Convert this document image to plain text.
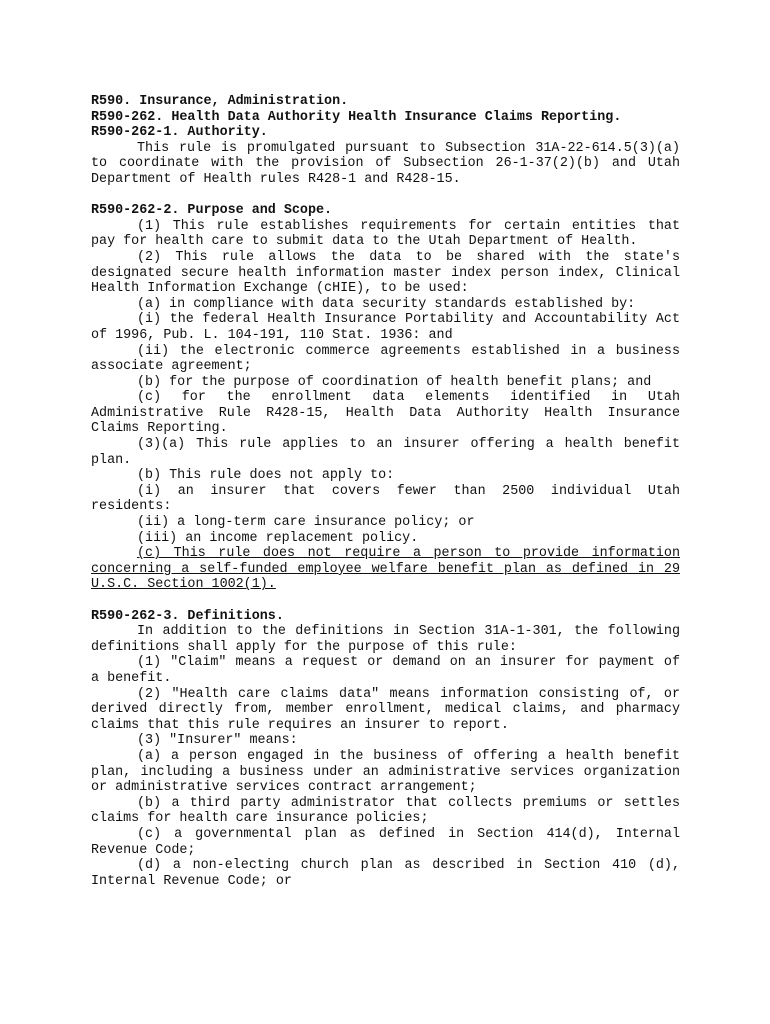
R590. Insurance, Administration.
R590-262. Health Data Authority Health Insurance Claims Reporting.
R590-262-1. Authority.

This rule is promulgated pursuant to Subsection 31A-22-614.5(3)(a) to coordinate with the provision of Subsection 26-1-37(2)(b) and Utah Department of Health rules R428-1 and R428-15.

R590-262-2. Purpose and Scope.

(1) This rule establishes requirements for certain entities that pay for health care to submit data to the Utah Department of Health.

(2) This rule allows the data to be shared with the state's designated secure health information master index person index, Clinical Health Information Exchange (cHIE), to be used:

(a) in compliance with data security standards established by:

(i) the federal Health Insurance Portability and Accountability Act of 1996, Pub. L. 104-191, 110 Stat. 1936: and

(ii) the electronic commerce agreements established in a business associate agreement;

(b) for the purpose of coordination of health benefit plans; and

(c) for the enrollment data elements identified in Utah Administrative Rule R428-15, Health Data Authority Health Insurance Claims Reporting.

(3)(a) This rule applies to an insurer offering a health benefit plan.

(b) This rule does not apply to:

(i) an insurer that covers fewer than 2500 individual Utah residents:

(ii) a long-term care insurance policy; or

(iii) an income replacement policy.

(c) This rule does not require a person to provide information concerning a self-funded employee welfare benefit plan as defined in 29 U.S.C. Section 1002(1).

R590-262-3. Definitions.

In addition to the definitions in Section 31A-1-301, the following definitions shall apply for the purpose of this rule:

(1) "Claim" means a request or demand on an insurer for payment of a benefit.

(2) "Health care claims data" means information consisting of, or derived directly from, member enrollment, medical claims, and pharmacy claims that this rule requires an insurer to report.

(3) "Insurer" means:

(a) a person engaged in the business of offering a health benefit plan, including a business under an administrative services organization or administrative services contract arrangement;

(b) a third party administrator that collects premiums or settles claims for health care insurance policies;

(c) a governmental plan as defined in Section 414(d), Internal Revenue Code;

(d) a non-electing church plan as described in Section 410 (d), Internal Revenue Code; or
